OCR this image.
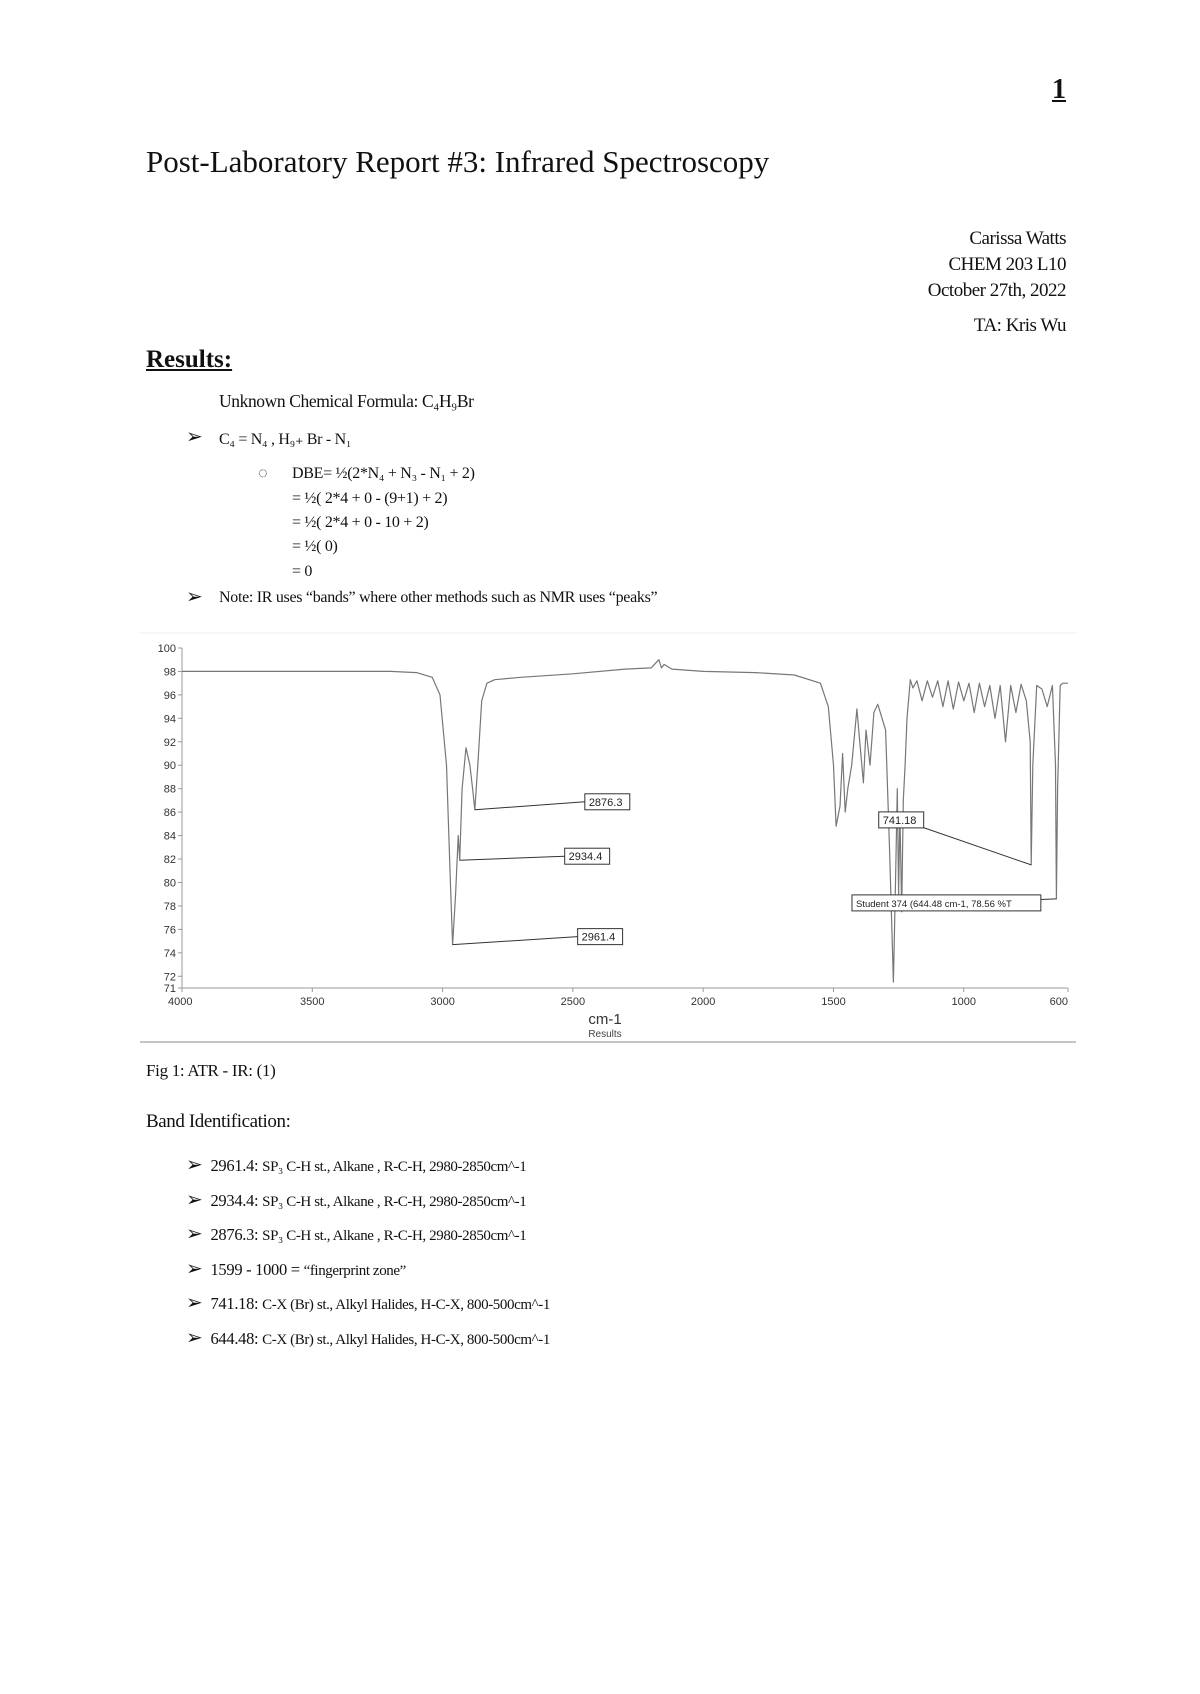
1
Post-Laboratory Report #3: Infrared Spectroscopy
Carissa Watts
CHEM 203 L10
October 27th, 2022
TA: Kris Wu
Results:
Unknown Chemical Formula: C₄H₉Br
➢ C₄ = N₄ , H₉₊ Br - N₁
◌ DBE= ½(2*N₄ + N₃ - N₁ + 2)
= ½( 2*4 + 0 - (9+1) + 2)
= ½( 2*4 + 0 - 10 + 2)
= ½( 0)
= 0
➢ Note: IR uses “bands” where other methods such as NMR uses “peaks”
71
72
74
76
78
80
82
84
86
88
90
92
94
96
98
100
4000	3500	3000	2500	2000	1500	1000	600
cm-1
Results
2876.3
2934.4
2961.4
741.18
Student 374 (644.48 cm-1, 78.56 %T
Fig 1: ATR - IR: (1)
Band Identification:
➢ 2961.4: SP₃ C-H st., Alkane , R-C-H, 2980-2850cm^-1
➢ 2934.4: SP₃ C-H st., Alkane , R-C-H, 2980-2850cm^-1
➢ 2876.3: SP₃ C-H st., Alkane , R-C-H, 2980-2850cm^-1
➢ 1599 - 1000 = “fingerprint zone”
➢ 741.18: C-X (Br) st., Alkyl Halides, H-C-X, 800-500cm^-1
➢ 644.48: C-X (Br) st., Alkyl Halides, H-C-X, 800-500cm^-1
